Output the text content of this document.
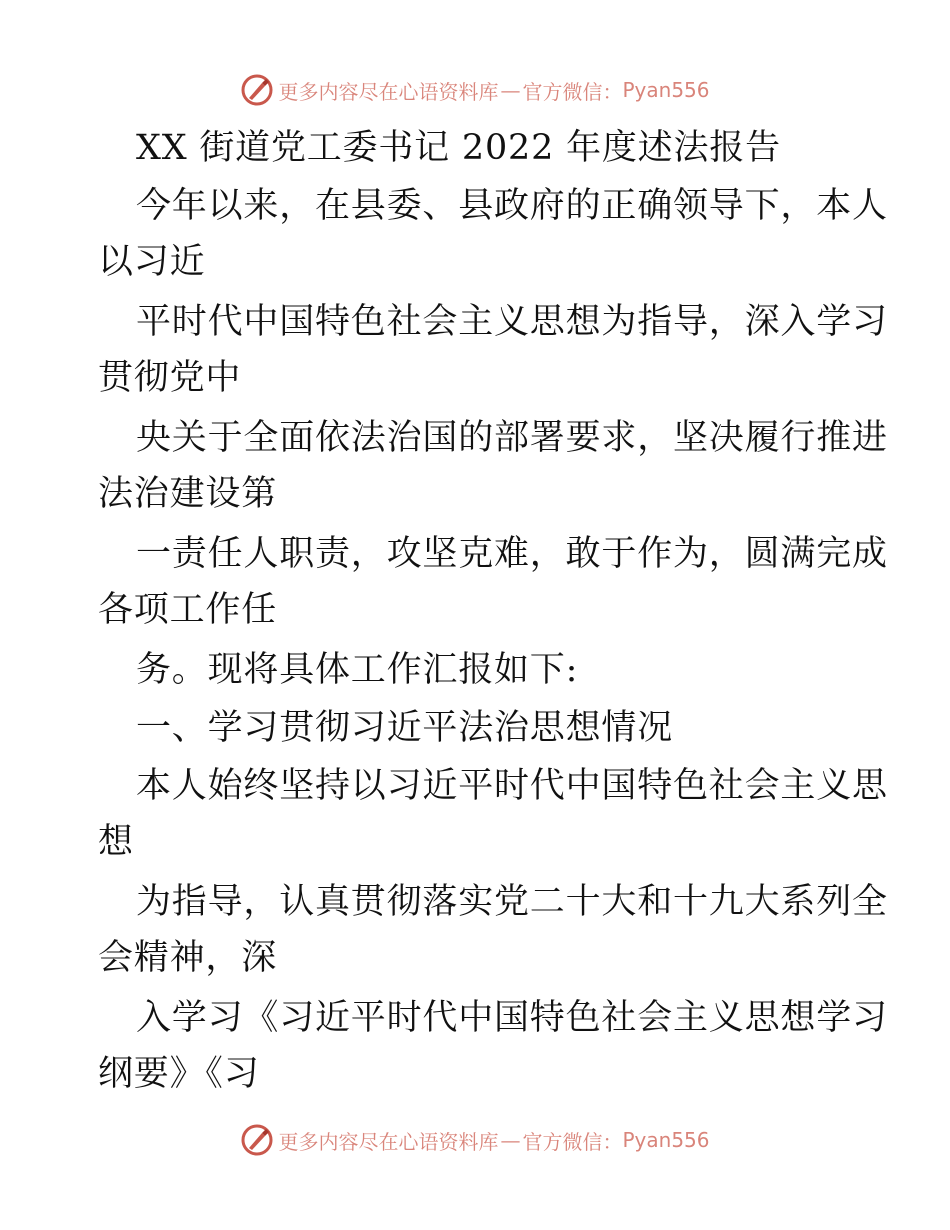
更多内容尽在心语资料库 — 官方微信： Pyan556
XX 街道党工委书记 2022 年度述法报告
今年以来，在县委、县政府的正确领导下，本人
以习近
平时代中国特色社会主义思想为指导，深入学习
贯彻党中
央关于全面依法治国的部署要求，坚决履行推进
法治建设第
一责任人职责，攻坚克难，敢于作为，圆满完成
各项工作任
务。现将具体工作汇报如下:
一、学习贯彻习近平法治思想情况
本人始终坚持以习近平时代中国特色社会主义思
想
为指导，认真贯彻落实党二十大和十九大系列全
会精神，深
入学习《习近平时代中国特色社会主义思想学习
纲要》《习
更多内容尽在心语资料库 — 官方微信： Pyan556
